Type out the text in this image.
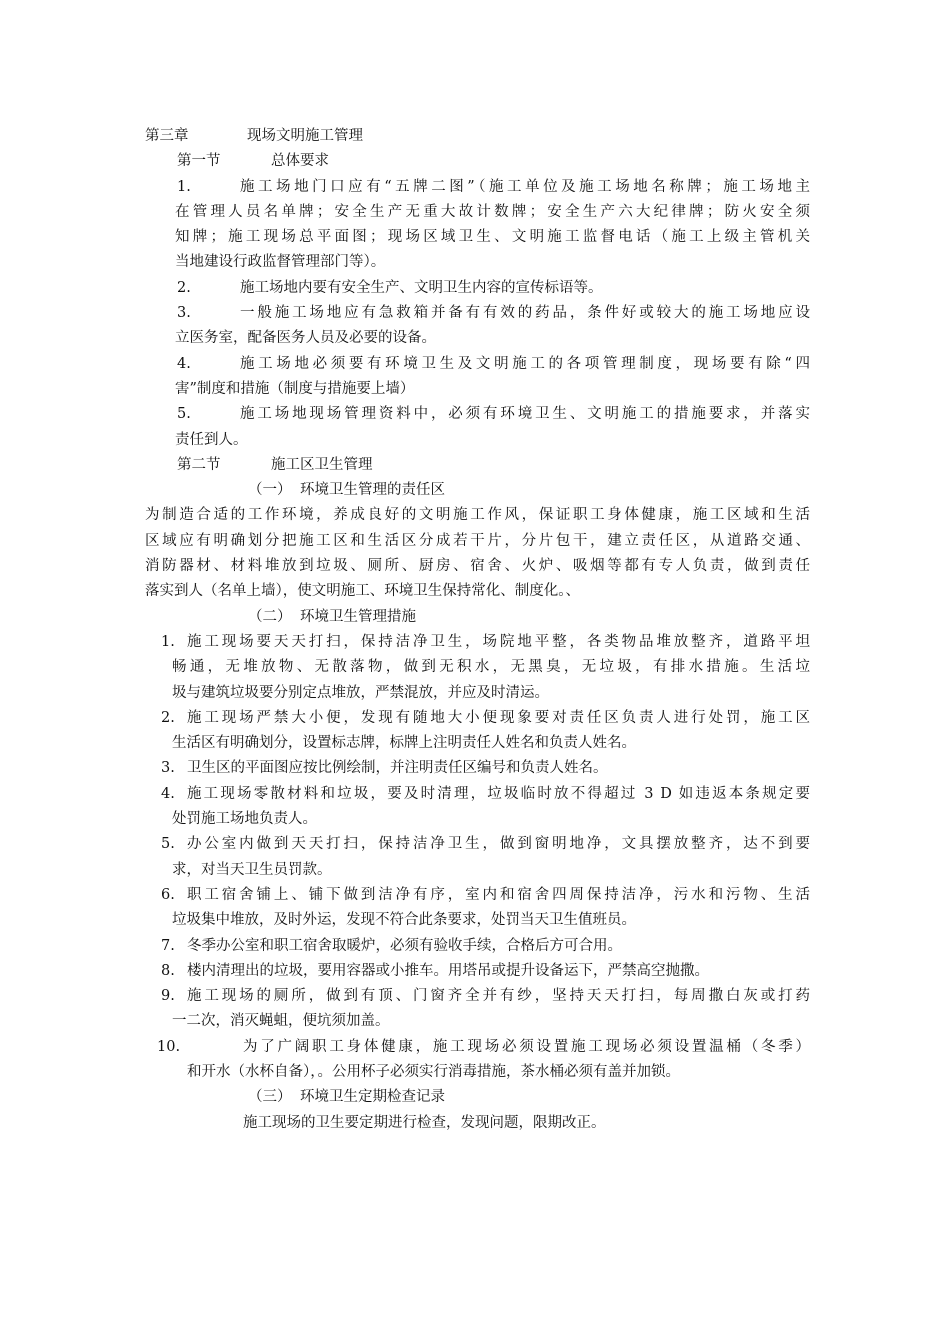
第三章	现场文明施工管理
第一节	总体要求
1.	施工场地门口应有“五牌二图”（施工单位及施工场地名称牌；施工场地主
在管理人员名单牌；安全生产无重大故计数牌；安全生产六大纪律牌；防火安全须
知牌；施工现场总平面图；现场区域卫生、文明施工监督电话（施工上级主管机关
当地建设行政监督管理部门等）。
2.	施工场地内要有安全生产、文明卫生内容的宣传标语等。
3.	一般施工场地应有急救箱并备有有效的药品，条件好或较大的施工场地应设
立医务室，配备医务人员及必要的设备。
4.	施工场地必须要有环境卫生及文明施工的各项管理制度，现场要有除“四
害”制度和措施（制度与措施要上墙）
5.	施工场地现场管理资料中，必须有环境卫生、文明施工的措施要求，并落实
责任到人。
第二节	施工区卫生管理
（一） 环境卫生管理的责任区
为制造合适的工作环境，养成良好的文明施工作风，保证职工身体健康，施工区域和生活
区域应有明确划分把施工区和生活区分成若干片，分片包干，建立责任区，从道路交通、
消防器材、材料堆放到垃圾、厕所、厨房、宿舍、火炉、吸烟等都有专人负责，做到责任
落实到人（名单上墙），使文明施工、环境卫生保持常化、制度化。、
（二） 环境卫生管理措施
1. 施工现场要天天打扫，保持洁净卫生，场院地平整，各类物品堆放整齐，道路平坦
畅通，无堆放物、无散落物，做到无积水，无黑臭，无垃圾，有排水措施。生活垃
圾与建筑垃圾要分别定点堆放，严禁混放，并应及时清运。
2. 施工现场严禁大小便，发现有随地大小便现象要对责任区负责人进行处罚，施工区
生活区有明确划分，设置标志牌，标牌上注明责任人姓名和负责人姓名。
3. 卫生区的平面图应按比例绘制，并注明责任区编号和负责人姓名。
4. 施工现场零散材料和垃圾，要及时清理，垃圾临时放不得超过 3 D 如违返本条规定要
处罚施工场地负责人。
5. 办公室内做到天天打扫，保持洁净卫生，做到窗明地净，文具摆放整齐，达不到要
求，对当天卫生员罚款。
6. 职工宿舍铺上、铺下做到洁净有序，室内和宿舍四周保持洁净，污水和污物、生活
垃圾集中堆放，及时外运，发现不符合此条要求，处罚当天卫生值班员。
7. 冬季办公室和职工宿舍取暖炉，必须有验收手续，合格后方可合用。
8. 楼内清理出的垃圾，要用容器或小推车。用塔吊或提升设备运下，严禁高空抛撒。
9. 施工现场的厕所，做到有顶、门窗齐全并有纱，坚持天天打扫，每周撒白灰或打药
一二次，消灭蝇蛆，便坑须加盖。
10.	为了广阔职工身体健康，施工现场必须设置施工现场必须设置温桶（冬季）
和开水（水杯自备），。公用杯子必须实行消毒措施，茶水桶必须有盖并加锁。
（三） 环境卫生定期检查记录
施工现场的卫生要定期进行检查，发现问题，限期改正。
